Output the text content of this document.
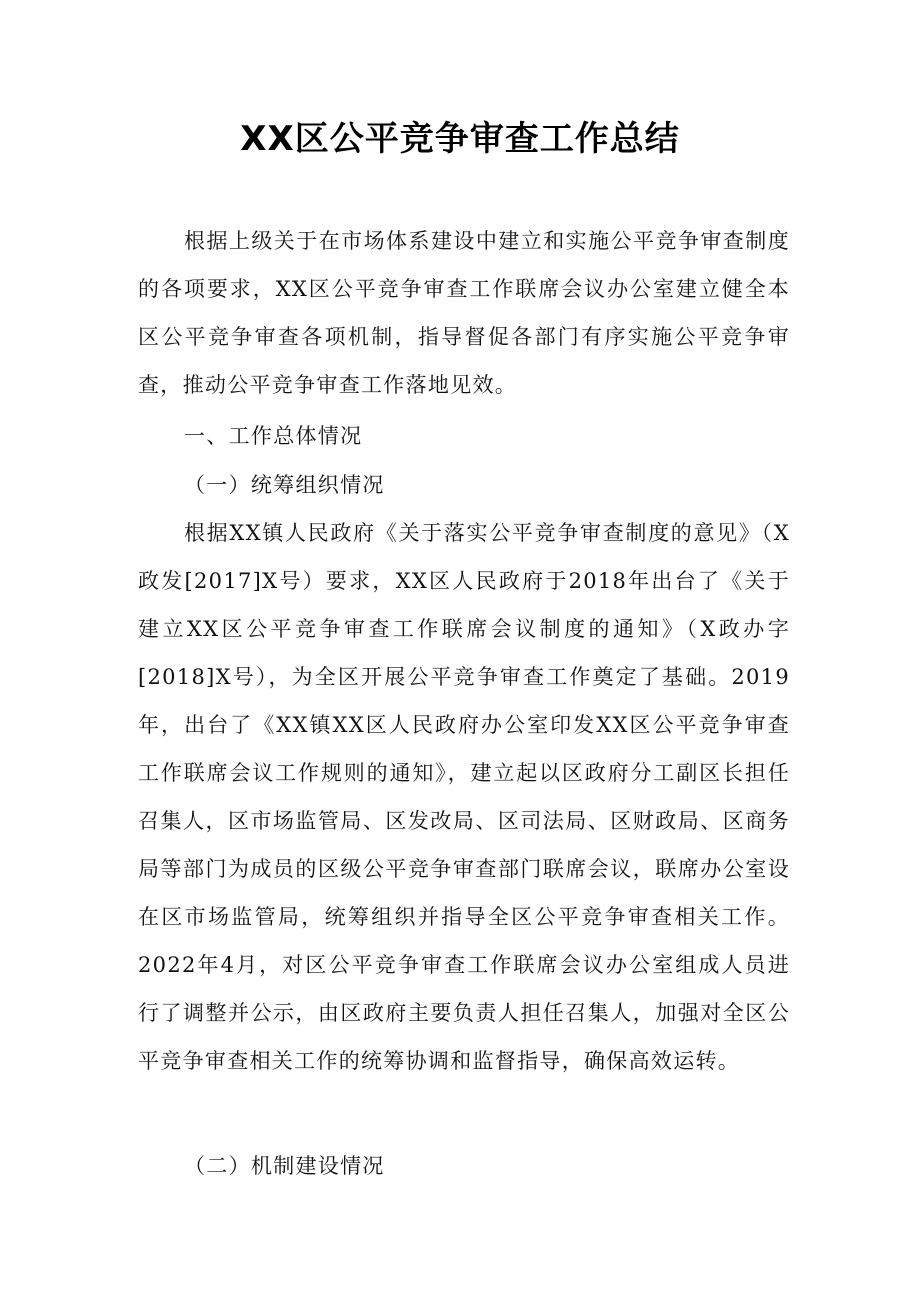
XX区公平竞争审查工作总结

根据上级关于在市场体系建设中建立和实施公平竞争审查制度的各项要求，XX区公平竞争审查工作联席会议办公室建立健全本区公平竞争审查各项机制，指导督促各部门有序实施公平竞争审查，推动公平竞争审查工作落地见效。

一、工作总体情况
（一）统筹组织情况

根据XX镇人民政府《关于落实公平竞争审查制度的意见》（X政发[2017]X号）要求，XX区人民政府于2018年出台了《关于建立XX区公平竞争审查工作联席会议制度的通知》（X政办字[2018]X号），为全区开展公平竞争审查工作奠定了基础。2019年，出台了《XX镇XX区人民政府办公室印发XX区公平竞争审查工作联席会议工作规则的通知》，建立起以区政府分工副区长担任召集人，区市场监管局、区发改局、区司法局、区财政局、区商务局等部门为成员的区级公平竞争审查部门联席会议，联席办公室设在区市场监管局，统筹组织并指导全区公平竞争审查相关工作。2022年4月，对区公平竞争审查工作联席会议办公室组成人员进行了调整并公示，由区政府主要负责人担任召集人，加强对全区公平竞争审查相关工作的统筹协调和监督指导，确保高效运转。

（二）机制建设情况
